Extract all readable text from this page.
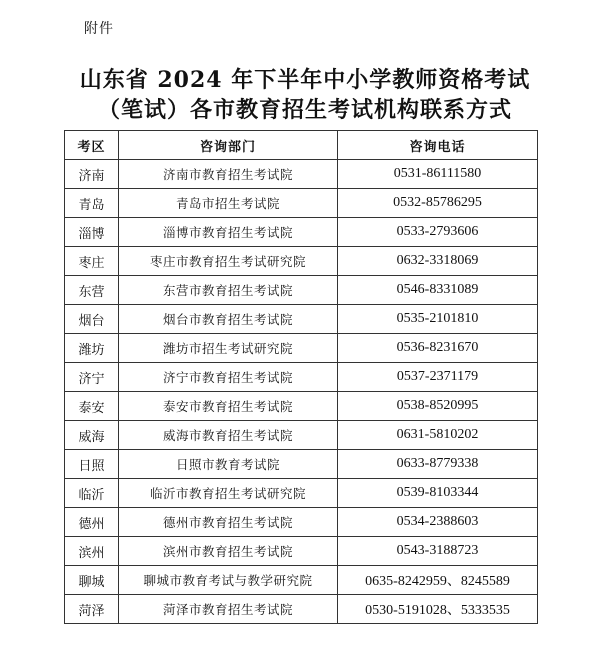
附件
山东省 2024 年下半年中小学教师资格考试
（笔试）各市教育招生考试机构联系方式
考区	咨询部门	咨询电话
济南	济南市教育招生考试院	0531-86111580
青岛	青岛市招生考试院	0532-85786295
淄博	淄博市教育招生考试院	0533-2793606
枣庄	枣庄市教育招生考试研究院	0632-3318069
东营	东营市教育招生考试院	0546-8331089
烟台	烟台市教育招生考试院	0535-2101810
潍坊	潍坊市招生考试研究院	0536-8231670
济宁	济宁市教育招生考试院	0537-2371179
泰安	泰安市教育招生考试院	0538-8520995
威海	威海市教育招生考试院	0631-5810202
日照	日照市教育考试院	0633-8779338
临沂	临沂市教育招生考试研究院	0539-8103344
德州	德州市教育招生考试院	0534-2388603
滨州	滨州市教育招生考试院	0543-3188723
聊城	聊城市教育考试与教学研究院	0635-8242959、8245589
菏泽	菏泽市教育招生考试院	0530-5191028、5333535
